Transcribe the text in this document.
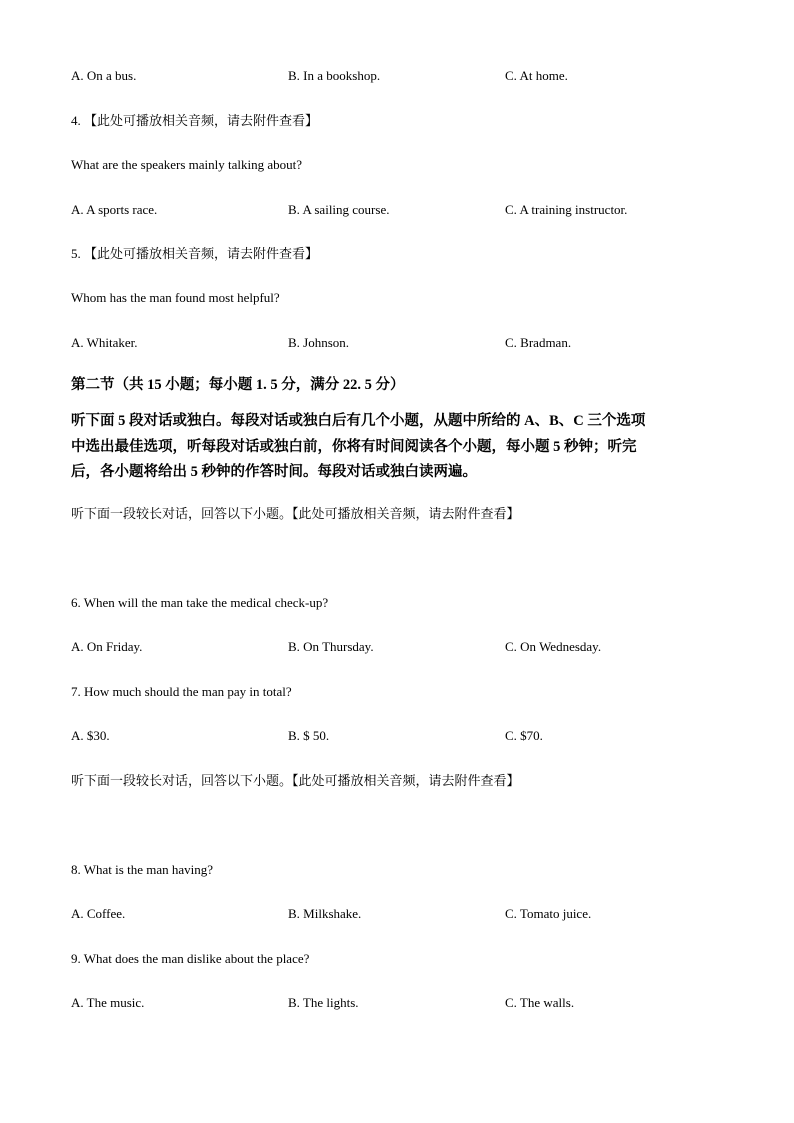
A. On a bus.	B. In a bookshop.	C. At home.
4. 【此处可播放相关音频，请去附件查看】
What are the speakers mainly talking about?
A. A sports race.	B. A sailing course.	C. A training instructor.
5. 【此处可播放相关音频，请去附件查看】
Whom has the man found most helpful?
A. Whitaker.	B. Johnson.	C. Bradman.
第二节（共 15 小题；每小题 1. 5 分，满分 22. 5 分）
听下面 5 段对话或独白。每段对话或独白后有几个小题，从题中所给的 A、B、C 三个选项
中选出最佳选项，听每段对话或独白前，你将有时间阅读各个小题，每小题 5 秒钟；听完
后，各小题将给出 5 秒钟的作答时间。每段对话或独白读两遍。
听下面一段较长对话，回答以下小题。【此处可播放相关音频，请去附件查看】
6. When will the man take the medical check-up?
A. On Friday.	B. On Thursday.	C. On Wednesday.
7. How much should the man pay in total?
A. $30.	B. $ 50.	C. $70.
听下面一段较长对话，回答以下小题。【此处可播放相关音频，请去附件查看】
8. What is the man having?
A. Coffee.	B. Milkshake.	C. Tomato juice.
9. What does the man dislike about the place?
A. The music.	B. The lights.	C. The walls.
